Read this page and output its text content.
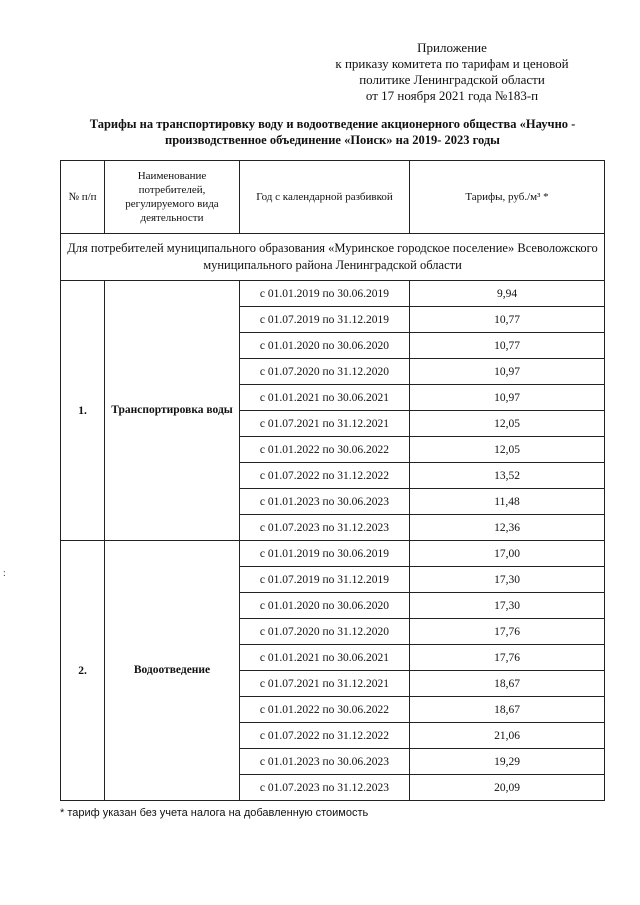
Приложение
к приказу комитета по тарифам и ценовой
политике Ленинградской области
от 17 ноября 2021 года №183-п
Тарифы на транспортировку воду и водоотведение акционерного общества «Научно -
производственное объединение «Поиск» на 2019- 2023 годы
№ п/п	Наименование потребителей, регулируемого вида деятельности	Год с календарной разбивкой	Тарифы, руб./м³ *
Для потребителей муниципального образования «Муринское городское поселение» Всеволожского муниципального района Ленинградской области			
1.	Транспортировка воды	с 01.01.2019 по 30.06.2019	9,94
		с 01.07.2019 по 31.12.2019	10,77
		с 01.01.2020 по 30.06.2020	10,77
		с 01.07.2020 по 31.12.2020	10,97
		с 01.01.2021 по 30.06.2021	10,97
		с 01.07.2021 по 31.12.2021	12,05
		с 01.01.2022 по 30.06.2022	12,05
		с 01.07.2022 по 31.12.2022	13,52
		с 01.01.2023 по 30.06.2023	11,48
		с 01.07.2023 по 31.12.2023	12,36
2.	Водоотведение	с 01.01.2019 по 30.06.2019	17,00
		с 01.07.2019 по 31.12.2019	17,30
		с 01.01.2020 по 30.06.2020	17,30
		с 01.07.2020 по 31.12.2020	17,76
		с 01.01.2021 по 30.06.2021	17,76
		с 01.07.2021 по 31.12.2021	18,67
		с 01.01.2022 по 30.06.2022	18,67
		с 01.07.2022 по 31.12.2022	21,06
		с 01.01.2023 по 30.06.2023	19,29
		с 01.07.2023 по 31.12.2023	20,09
* тариф указан без учета налога на добавленную стоимость
:
